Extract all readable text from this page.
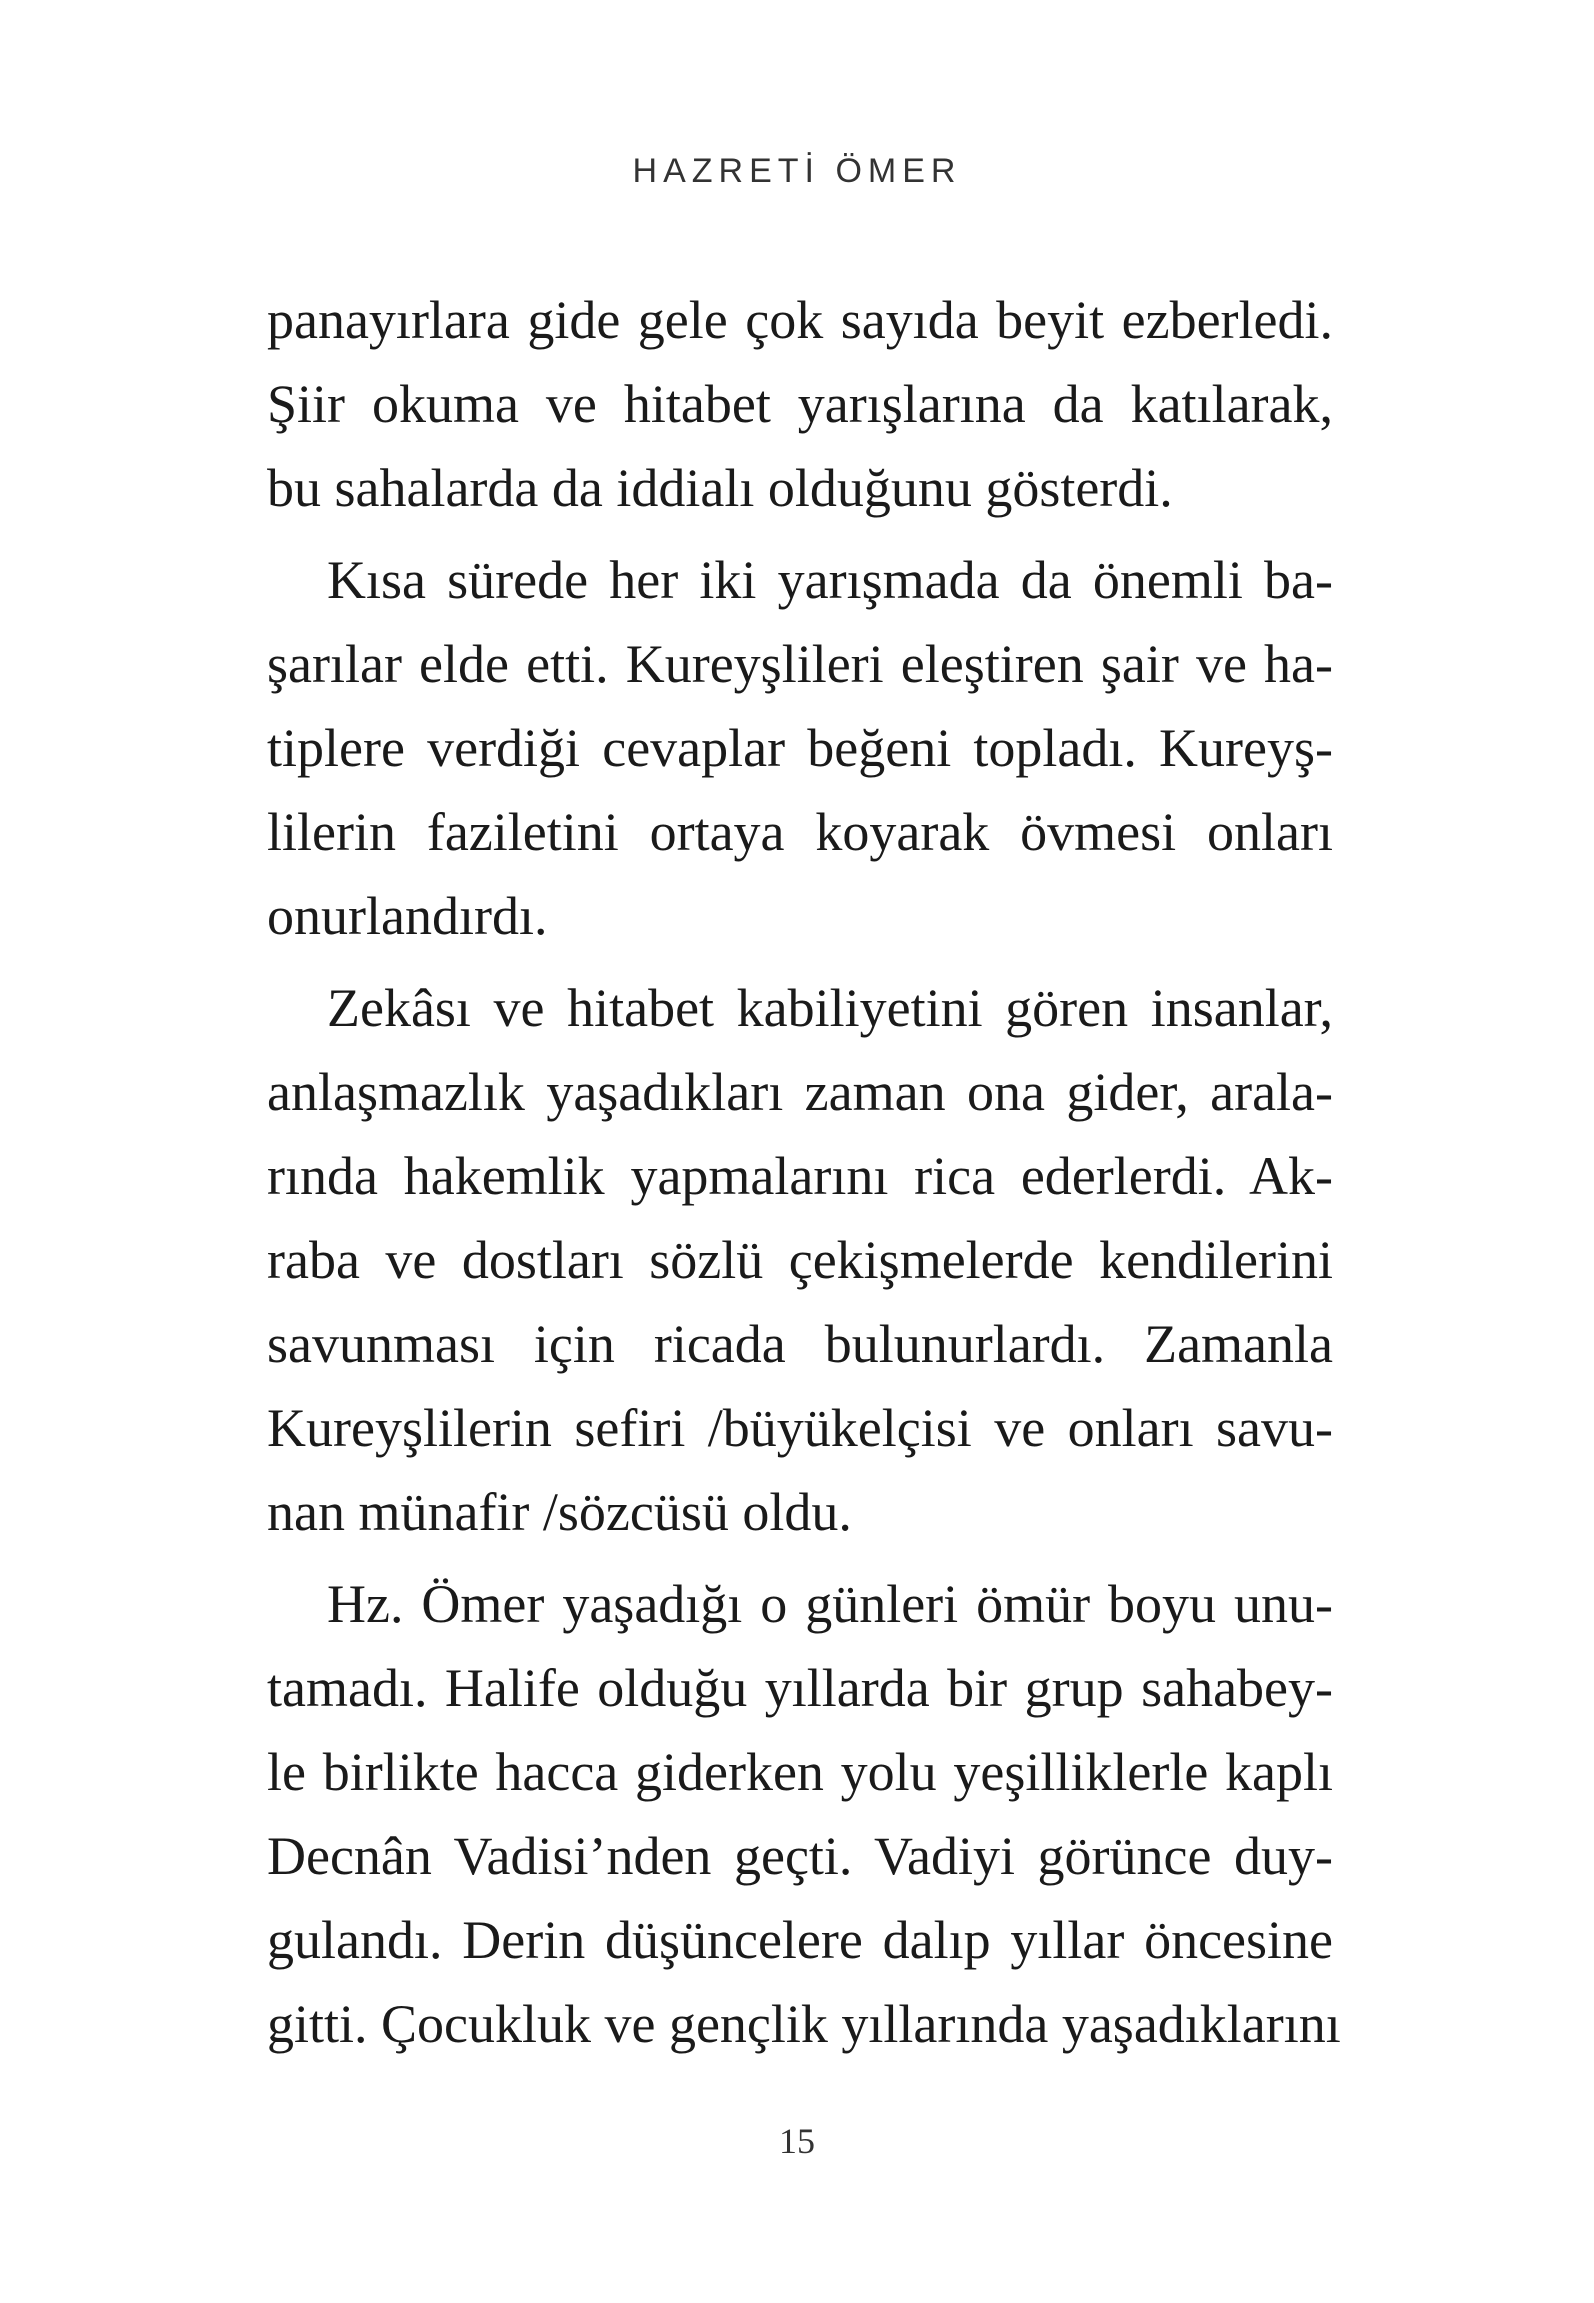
HAZRETİ ÖMER
panayırlara gide gele çok sayıda beyit ezberledi.
Şiir okuma ve hitabet yarışlarına da katılarak,
bu sahalarda da iddialı olduğunu gösterdi.
Kısa sürede her iki yarışmada da önemli ba-
şarılar elde etti. Kureyşlileri eleştiren şair ve ha-
tiplere verdiği cevaplar beğeni topladı. Kureyş-
lilerin faziletini ortaya koyarak övmesi onları
onurlandırdı.
Zekâsı ve hitabet kabiliyetini gören insanlar,
anlaşmazlık yaşadıkları zaman ona gider, arala-
rında hakemlik yapmalarını rica ederlerdi. Ak-
raba ve dostları sözlü çekişmelerde kendilerini
savunması için ricada bulunurlardı. Zamanla
Kureyşlilerin sefiri /büyükelçisi ve onları savu-
nan münafir /sözcüsü oldu.
Hz. Ömer yaşadığı o günleri ömür boyu unu-
tamadı. Halife olduğu yıllarda bir grup sahabey-
le birlikte hacca giderken yolu yeşilliklerle kaplı
Decnân Vadisi’nden geçti. Vadiyi görünce duy-
gulandı. Derin düşüncelere dalıp yıllar öncesine
gitti. Çocukluk ve gençlik yıllarında yaşadıklarını
15
